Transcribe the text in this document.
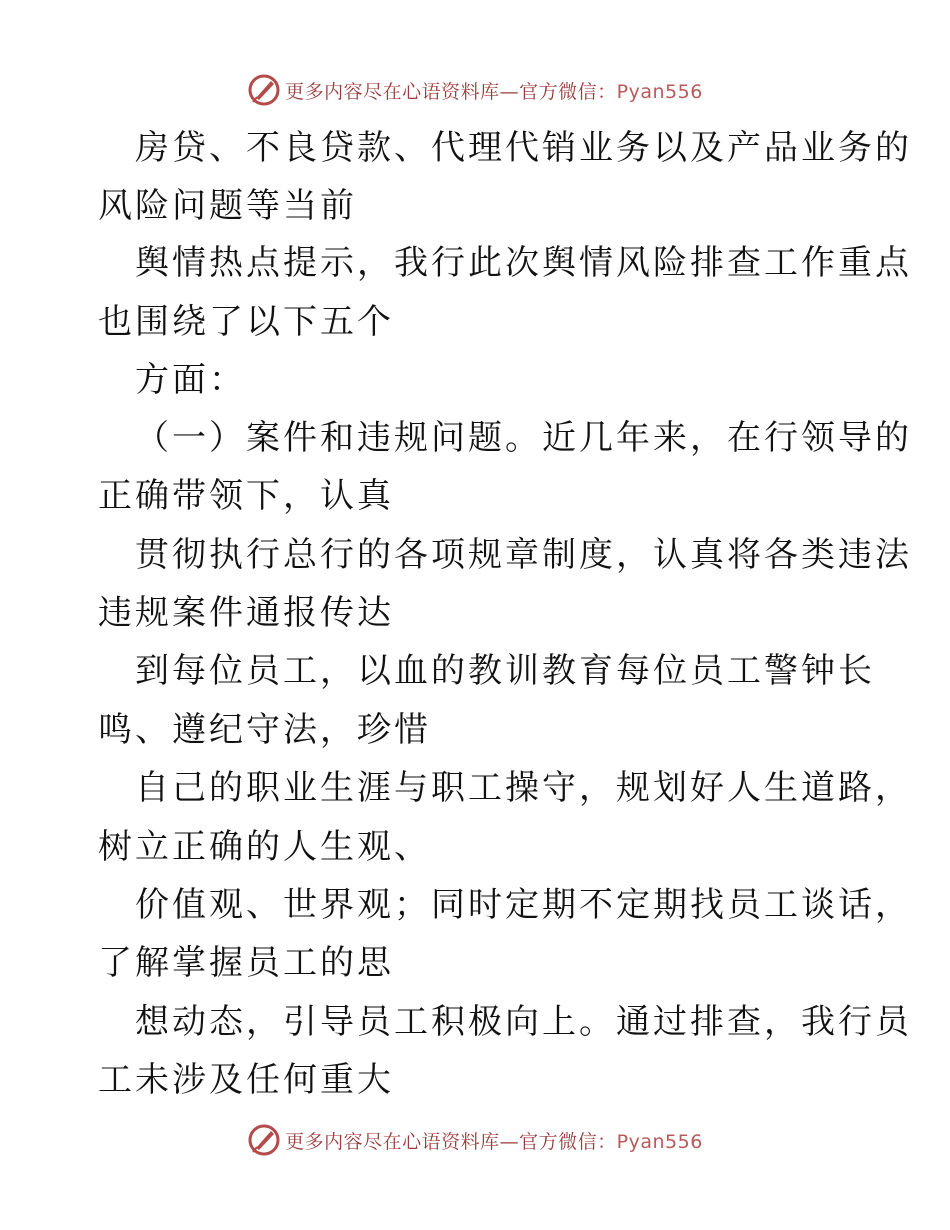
更多内容尽在心语资料库—官方微信：Pyan556
房贷、不良贷款、代理代销业务以及产品业务的
风险问题等当前
舆情热点提示，我行此次舆情风险排查工作重点
也围绕了以下五个
方面：
（一）案件和违规问题。近几年来，在行领导的
正确带领下，认真
贯彻执行总行的各项规章制度，认真将各类违法
违规案件通报传达
到每位员工，以血的教训教育每位员工警钟长
鸣、遵纪守法，珍惜
自己的职业生涯与职工操守，规划好人生道路，
树立正确的人生观、
价值观、世界观；同时定期不定期找员工谈话，
了解掌握员工的思
想动态，引导员工积极向上。通过排查，我行员
工未涉及任何重大
更多内容尽在心语资料库—官方微信：Pyan556
